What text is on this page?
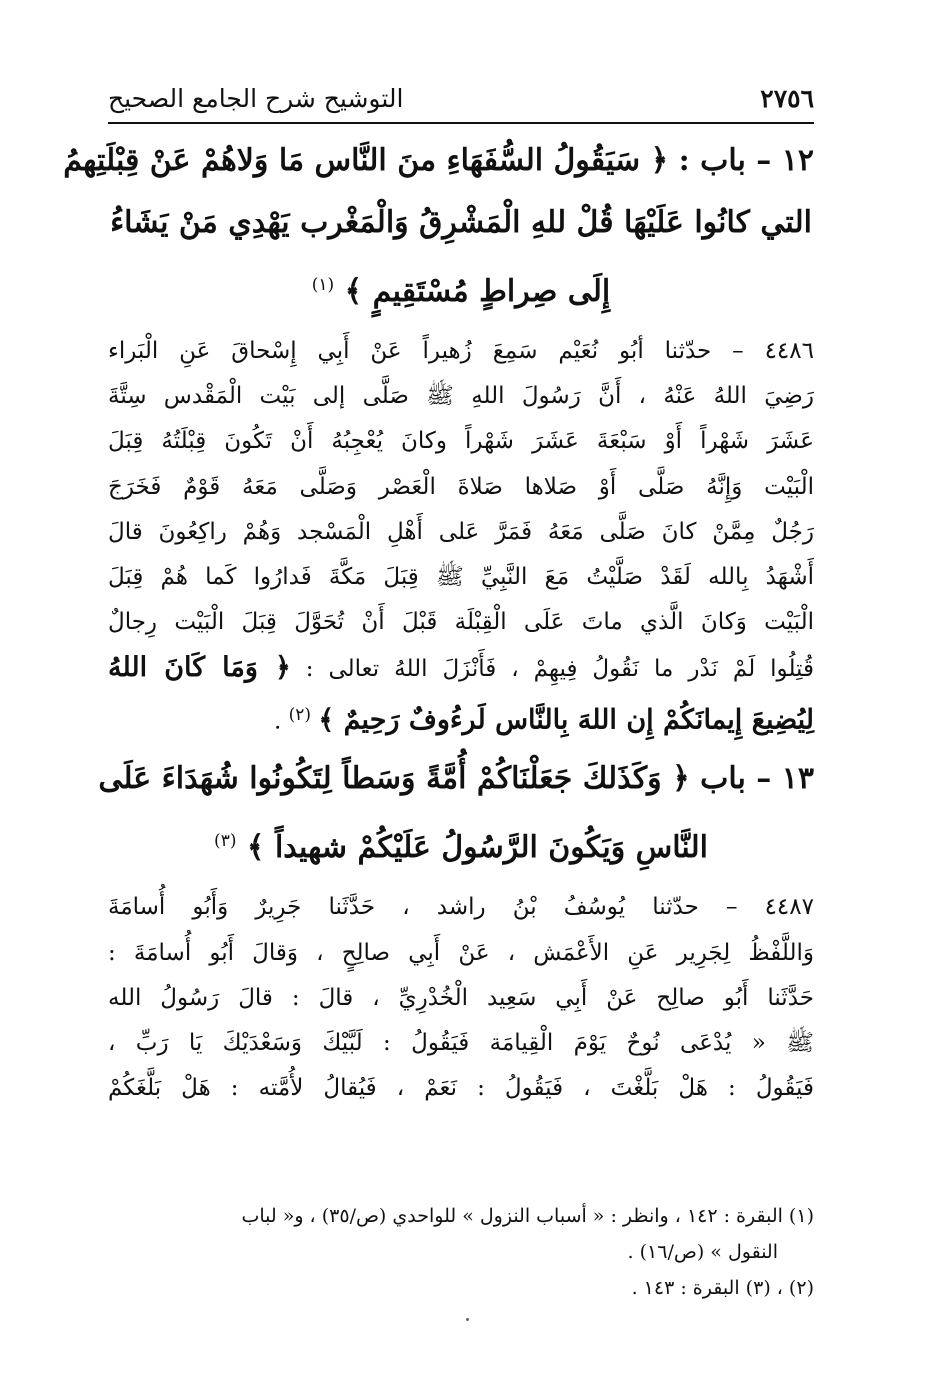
٢٧٥٦
التوشيح شرح الجامع الصحيح
١٢ – باب : ﴿ سَيَقُولُ السُّفَهَاءِ منَ النَّاس مَا وَلاهُمْ عَنْ قِبْلَتِهمُ
التي كانُوا عَلَيْهَا قُلْ للهِ الْمَشْرِقُ وَالْمَغْرب يَهْدِي مَنْ يَشَاءُ
إِلَى صِراطٍ مُسْتَقِيمٍ ﴾ $^{(١)}$
٤٤٨٦ – حدّثنا أبُو نُعَيْم سَمِعَ زُهيراً عَنْ أَبِي إِسْحاقَ عَنِ الْبَراء
رَضِيَ اللهُ عَنْهُ ، أَنَّ رَسُولَ اللهِ ﷺ صَلَّى إلى بَيْت الْمَقْدس سِتَّةَ
عَشَرَ شَهْراً أَوْ سَبْعَةَ عَشَرَ شَهْراً وكانَ يُعْجِبُهُ أَنْ تَكُونَ قِبْلَتُهُ قِبَلَ
الْبَيْت وَإِنَّهُ صَلَّى أَوْ صَلاها صَلاةَ الْعَصْر وَصَلَّى مَعَهُ قَوْمٌ فَخَرَجَ
رَجُلٌ مِمَّنْ كانَ صَلَّى مَعَهُ فَمَرَّ عَلى أَهْلِ الْمَسْجد وَهُمْ راكِعُونَ قالَ
أَشْهَدُ بِالله لَقَدْ صَلَّيْتُ مَعَ النَّبِيِّ ﷺ قِبَلَ مَكَّةَ فَدارُوا كَما هُمْ قِبَلَ
الْبَيْت وَكانَ الَّذي ماتَ عَلَى الْقِبْلَة قَبْلَ أَنْ تُحَوَّلَ قِبَلَ الْبَيْت رِجالٌ
قُتِلُوا لَمْ نَدْر ما نَقُولُ فِيهِمْ ، فَأَنْزَلَ اللهُ تعالى : ﴿ وَمَا كَانَ اللهُ
لِيُضِيعَ إِيمانَكُمْ إِن اللهَ بِالنَّاس لَرءُوفٌ رَحِيمٌ ﴾ $^{(٢)}$ .
١٣ – باب ﴿ وَكَذَلكَ جَعَلْنَاكُمْ أُمَّةً وَسَطاً لِتَكُونُوا شُهَدَاءَ عَلَى
النَّاسِ وَيَكُونَ الرَّسُولُ عَلَيْكُمْ شهيداً ﴾ $^{(٣)}$
٤٤٨٧ – حدّثنا يُوسُفُ بْنُ راشد ، حَدَّثَنا جَرِيرٌ وَأَبُو أُسامَةَ
وَاللَّفْظُ لِجَرِير عَنِ الأَعْمَش ، عَنْ أَبِي صالِحٍ ، وَقالَ أَبُو أُسامَةَ :
حَدَّثَنا أَبُو صالِح عَنْ أَبِي سَعِيد الْخُدْرِيِّ ، قالَ : قالَ رَسُولُ الله
ﷺ « يُدْعَى نُوحٌ يَوْمَ الْقِيامَة فَيَقُولُ : لَبَّيْكَ وَسَعْدَيْكَ يَا رَبِّ ،
فَيَقُولُ : هَلْ بَلَّغْتَ ، فَيَقُولُ : نَعَمْ ، فَيُقالُ لأُمَّته : هَلْ بَلَّغَكُمْ
(١) البقرة : ١٤٢ ، وانظر : « أسباب النزول » للواحدي (ص/٣٥) ، و« لباب
النقول » (ص/١٦) .
(٢) ، (٣) البقرة : ١٤٣ .
